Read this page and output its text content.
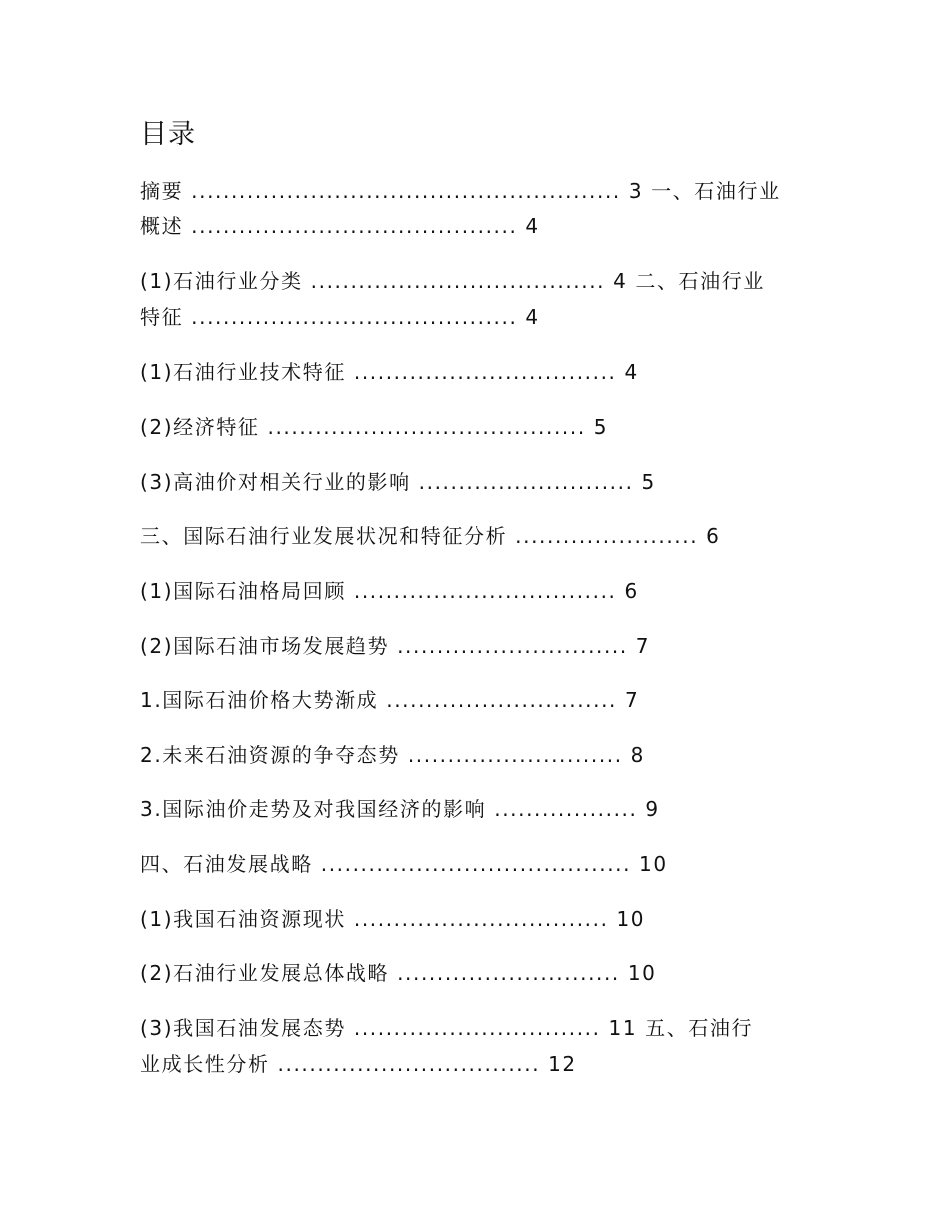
目录
摘要 ...................................................... 3 一、石油行业
概述 ......................................... 4
(1)石油行业分类 ..................................... 4 二、石油行业
特征 ......................................... 4
(1)石油行业技术特征 ................................. 4
(2)经济特征 ........................................ 5
(3)高油价对相关行业的影响 ........................... 5
三、国际石油行业发展状况和特征分析 ....................... 6
(1)国际石油格局回顾 ................................. 6
(2)国际石油市场发展趋势 ............................. 7
1.国际石油价格大势渐成 ............................. 7
2.未来石油资源的争夺态势 ........................... 8
3.国际油价走势及对我国经济的影响 .................. 9
四、石油发展战略 ....................................... 10
(1)我国石油资源现状 ................................ 10
(2)石油行业发展总体战略 ............................ 10
(3)我国石油发展态势 ............................... 11 五、石油行
业成长性分析 ................................. 12
